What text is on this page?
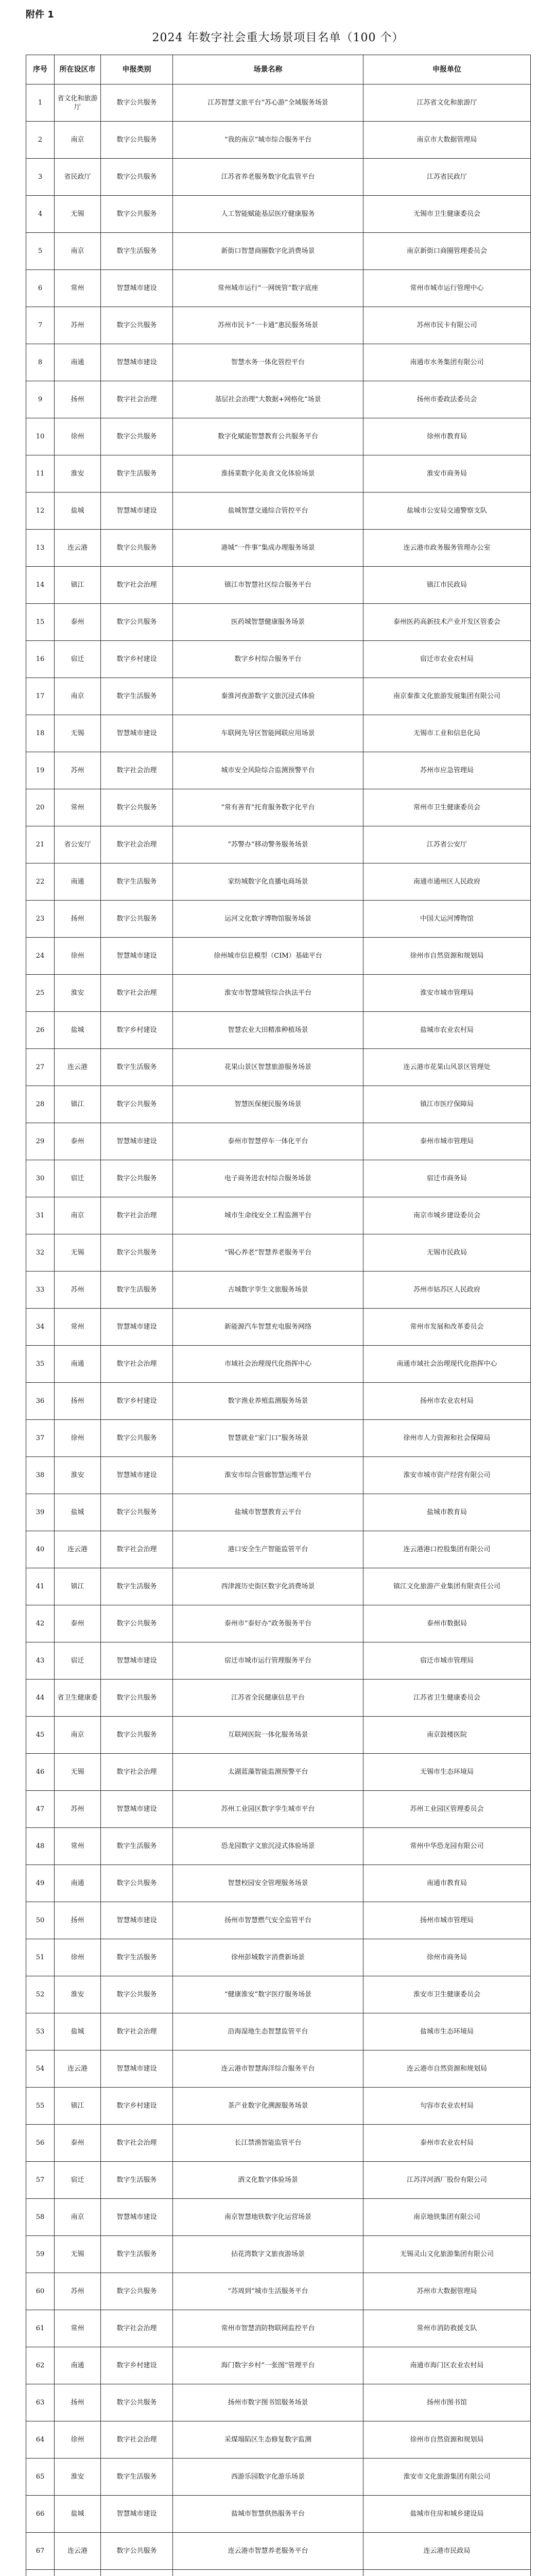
附件 1
2024 年数字社会重大场景项目名单（100 个）
序号	所在设区市	申报类别	场景名称	申报单位
1	省文化和旅游厅	数字公共服务	江苏智慧文旅平台“苏心游”全域服务场景	江苏省文化和旅游厅
2	南京	数字公共服务	“我的南京”城市综合服务平台	南京市大数据管理局
3	省民政厅	数字公共服务	江苏省养老服务数字化监管平台	江苏省民政厅
4	无锡	数字公共服务	人工智能赋能基层医疗健康服务	无锡市卫生健康委员会
5	南京	数字生活服务	新街口智慧商圈数字化消费场景	南京新街口商圈管理委员会
6	常州	智慧城市建设	常州城市运行“一网统管”数字底座	常州市城市运行管理中心
7	苏州	数字公共服务	苏州市民卡“一卡通”惠民服务场景	苏州市民卡有限公司
8	南通	智慧城市建设	智慧水务一体化管控平台	南通市水务集团有限公司
9	扬州	数字社会治理	基层社会治理“大数据+网格化”场景	扬州市委政法委员会
10	徐州	数字公共服务	数字化赋能智慧教育公共服务平台	徐州市教育局
11	淮安	数字生活服务	淮扬菜数字化美食文化体验场景	淮安市商务局
12	盐城	智慧城市建设	盐城智慧交通综合管控平台	盐城市公安局交通警察支队
13	连云港	数字公共服务	港城“一件事”集成办理服务场景	连云港市政务服务管理办公室
14	镇江	数字社会治理	镇江市智慧社区综合服务平台	镇江市民政局
15	泰州	数字公共服务	医药城智慧健康服务场景	泰州医药高新技术产业开发区管委会
16	宿迁	数字乡村建设	数字乡村综合服务平台	宿迁市农业农村局
17	南京	数字生活服务	秦淮河夜游数字文旅沉浸式体验	南京秦淮文化旅游发展集团有限公司
18	无锡	智慧城市建设	车联网先导区智能网联应用场景	无锡市工业和信息化局
19	苏州	数字社会治理	城市安全风险综合监测预警平台	苏州市应急管理局
20	常州	数字公共服务	“常有善育”托育服务数字化平台	常州市卫生健康委员会
21	省公安厅	数字社会治理	“苏警办”移动警务服务场景	江苏省公安厅
22	南通	数字生活服务	家纺城数字化直播电商场景	南通市通州区人民政府
23	扬州	数字公共服务	运河文化数字博物馆服务场景	中国大运河博物馆
24	徐州	智慧城市建设	徐州城市信息模型（CIM）基础平台	徐州市自然资源和规划局
25	淮安	数字社会治理	淮安市智慧城管综合执法平台	淮安市城市管理局
26	盐城	数字乡村建设	智慧农业大田精准种植场景	盐城市农业农村局
27	连云港	数字生活服务	花果山景区智慧旅游服务场景	连云港市花果山风景区管理处
28	镇江	数字公共服务	智慧医保便民服务场景	镇江市医疗保障局
29	泰州	智慧城市建设	泰州市智慧停车一体化平台	泰州市城市管理局
30	宿迁	数字公共服务	电子商务进农村综合服务场景	宿迁市商务局
31	南京	数字社会治理	城市生命线安全工程监测平台	南京市城乡建设委员会
32	无锡	数字公共服务	“锡心养老”智慧养老服务平台	无锡市民政局
33	苏州	数字生活服务	古城数字孪生文旅服务场景	苏州市姑苏区人民政府
34	常州	智慧城市建设	新能源汽车智慧充电服务网络	常州市发展和改革委员会
35	南通	数字社会治理	市域社会治理现代化指挥中心	南通市域社会治理现代化指挥中心
36	扬州	数字乡村建设	数字渔业养殖监测服务场景	扬州市农业农村局
37	徐州	数字公共服务	智慧就业“家门口”服务场景	徐州市人力资源和社会保障局
38	淮安	智慧城市建设	淮安市综合管廊智慧运维平台	淮安市城市资产经营有限公司
39	盐城	数字公共服务	盐城市智慧教育云平台	盐城市教育局
40	连云港	数字社会治理	港口安全生产智能监管平台	连云港港口控股集团有限公司
41	镇江	数字生活服务	西津渡历史街区数字化消费场景	镇江文化旅游产业集团有限责任公司
42	泰州	数字公共服务	泰州市“泰好办”政务服务平台	泰州市数据局
43	宿迁	智慧城市建设	宿迁市城市运行管理服务平台	宿迁市城市管理局
44	省卫生健康委	数字公共服务	江苏省全民健康信息平台	江苏省卫生健康委员会
45	南京	数字公共服务	互联网医院一体化服务场景	南京鼓楼医院
46	无锡	数字社会治理	太湖蓝藻智能监测预警平台	无锡市生态环境局
47	苏州	智慧城市建设	苏州工业园区数字孪生城市平台	苏州工业园区管理委员会
48	常州	数字生活服务	恐龙园数字文旅沉浸式体验场景	常州中华恐龙园有限公司
49	南通	数字公共服务	智慧校园安全管理服务场景	南通市教育局
50	扬州	智慧城市建设	扬州市智慧燃气安全监管平台	扬州市城市管理局
51	徐州	数字生活服务	徐州彭城数字消费新场景	徐州市商务局
52	淮安	数字公共服务	“健康淮安”数字医疗服务场景	淮安市卫生健康委员会
53	盐城	数字社会治理	沿海湿地生态智慧监管平台	盐城市生态环境局
54	连云港	智慧城市建设	连云港市智慧海洋综合服务平台	连云港市自然资源和规划局
55	镇江	数字乡村建设	茶产业数字化溯源服务场景	句容市农业农村局
56	泰州	数字社会治理	长江禁渔智能监管平台	泰州市农业农村局
57	宿迁	数字生活服务	酒文化数字体验场景	江苏洋河酒厂股份有限公司
58	南京	智慧城市建设	南京智慧地铁数字化运营场景	南京地铁集团有限公司
59	无锡	数字生活服务	拈花湾数字文旅夜游场景	无锡灵山文化旅游集团有限公司
60	苏州	数字公共服务	“苏周到”城市生活服务平台	苏州市大数据管理局
61	常州	数字社会治理	常州市智慧消防物联网监控平台	常州市消防救援支队
62	南通	数字乡村建设	海门数字乡村“一张图”管理平台	南通市海门区农业农村局
63	扬州	数字公共服务	扬州市数字图书馆服务场景	扬州市图书馆
64	徐州	数字社会治理	采煤塌陷区生态修复数字监测	徐州市自然资源和规划局
65	淮安	数字生活服务	西游乐园数字化游乐场景	淮安市文化旅游集团有限公司
66	盐城	智慧城市建设	盐城市智慧供热服务平台	盐城市住房和城乡建设局
67	连云港	数字公共服务	连云港市智慧养老服务平台	连云港市民政局
